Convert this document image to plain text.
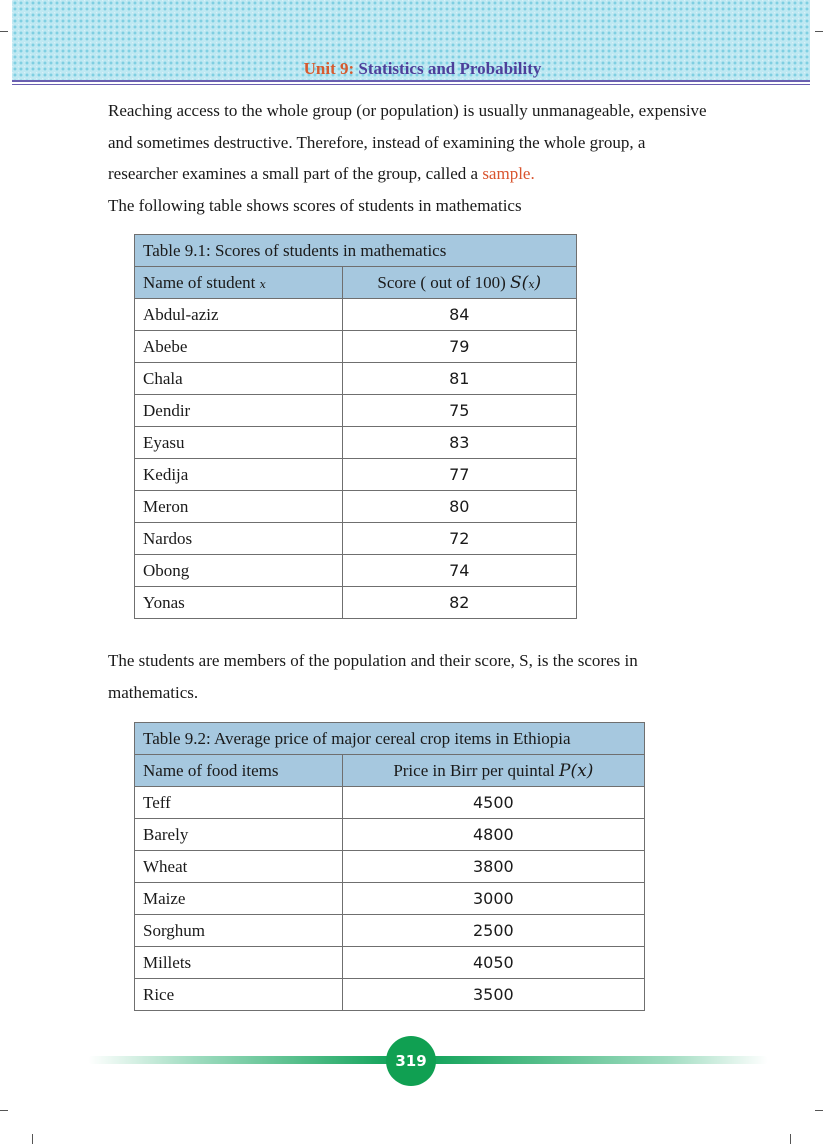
Unit 9: Statistics and Probability

Reaching access to the whole group (or population) is usually unmanageable, expensive and sometimes destructive. Therefore, instead of examining the whole group, a researcher examines a small part of the group, called a sample.

The following table shows scores of students in mathematics

Table 9.1: Scores of students in mathematics	
Name of student x	Score ( out of 100) S(x)
Abdul-aziz	84
Abebe	79
Chala	81
Dendir	75
Eyasu	83
Kedija	77
Meron	80
Nardos	72
Obong	74
Yonas	82

The students are members of the population and their score, S, is the scores in mathematics.

Table 9.2: Average price of major cereal crop items in Ethiopia	
Name of food items	Price in Birr per quintal P(x)
Teff	4500
Barely	4800
Wheat	3800
Maize	3000
Sorghum	2500
Millets	4050
Rice	3500
319
